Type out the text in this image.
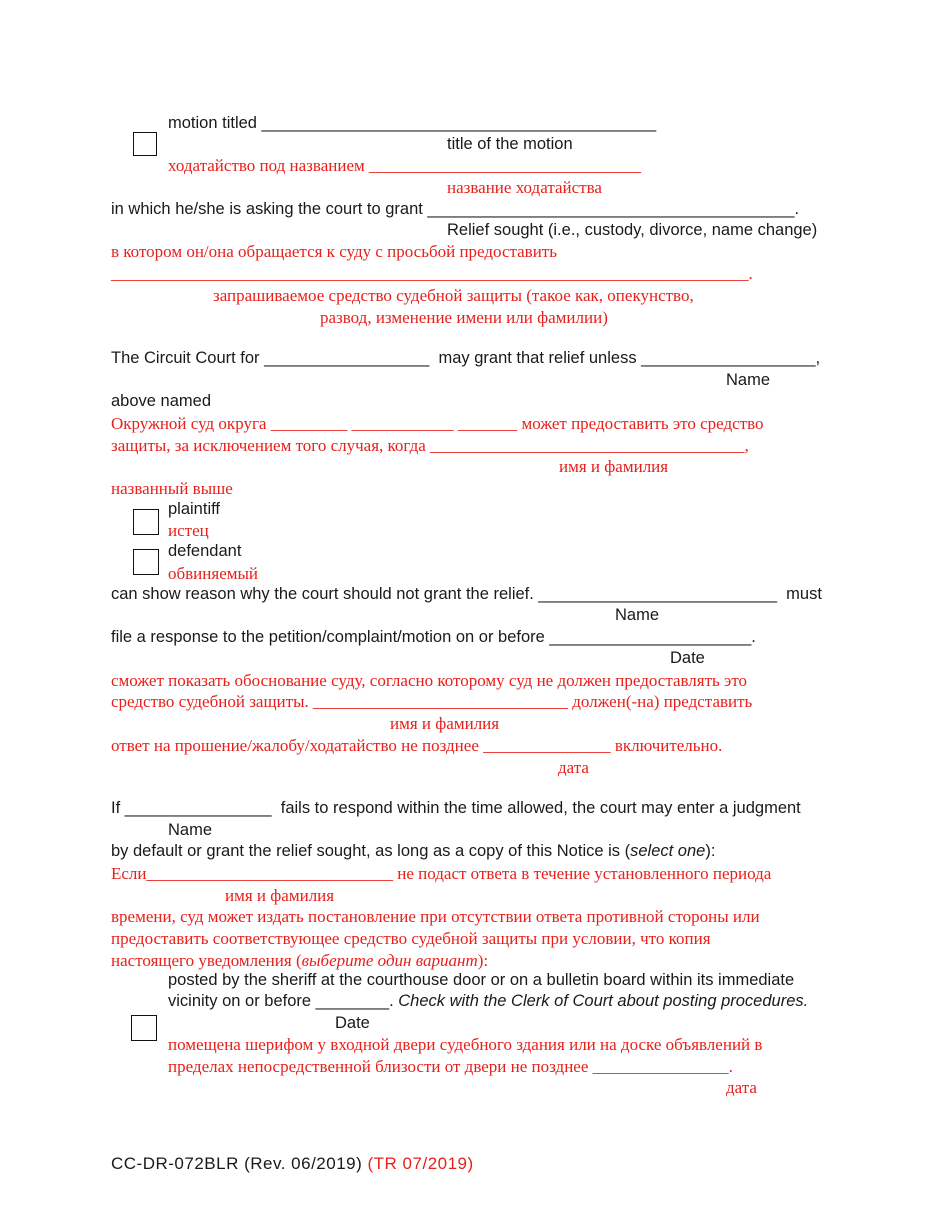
motion titled ___________________________________________
title of the motion
ходатайство под названием ________________________________
название ходатайства
in which he/she is asking the court to grant ________________________________________.
Relief sought (i.e., custody, divorce, name change)
в котором он/она обращается к суду с просьбой предоставить
___________________________________________________________________________.
запрашиваемое средство судебной защиты (такое как, опекунство,
развод, изменение имени или фамилии)
The Circuit Court for __________________  may grant that relief unless ___________________,
Name
above named
Окружной суд округа _________ ____________ _______ может предоставить это средство
защиты, за исключением того случая, когда _____________________________________,
имя и фамилия
названный выше
plaintiff
истец
defendant
обвиняемый
can show reason why the court should not grant the relief. __________________________  must
Name
file a response to the petition/complaint/motion on or before ______________________.
Date
сможет показать обоснование суду, согласно которому суд не должен предоставлять это
средство судебной защиты. ______________________________ должен(-на) представить
имя и фамилия
ответ на прошение/жалобу/ходатайство не позднее _______________ включительно.
дата
If ________________  fails to respond within the time allowed, the court may enter a judgment
Name
by default or grant the relief sought, as long as a copy of this Notice is (select one):
Если_____________________________ не подаст ответа в течение установленного периода
имя и фамилия
времени, суд может издать постановление при отсутствии ответа противной стороны или
предоставить соответствующее средство судебной защиты при условии, что копия
настоящего уведомления (выберите один вариант):
posted by the sheriff at the courthouse door or on a bulletin board within its immediate
vicinity on or before ________. Check with the Clerk of Court about posting procedures.
Date
помещена шерифом у входной двери судебного здания или на доске объявлений в
пределах непосредственной близости от двери не позднее ________________.
дата
CC-DR-072BLR (Rev. 06/2019) (TR 07/2019)
